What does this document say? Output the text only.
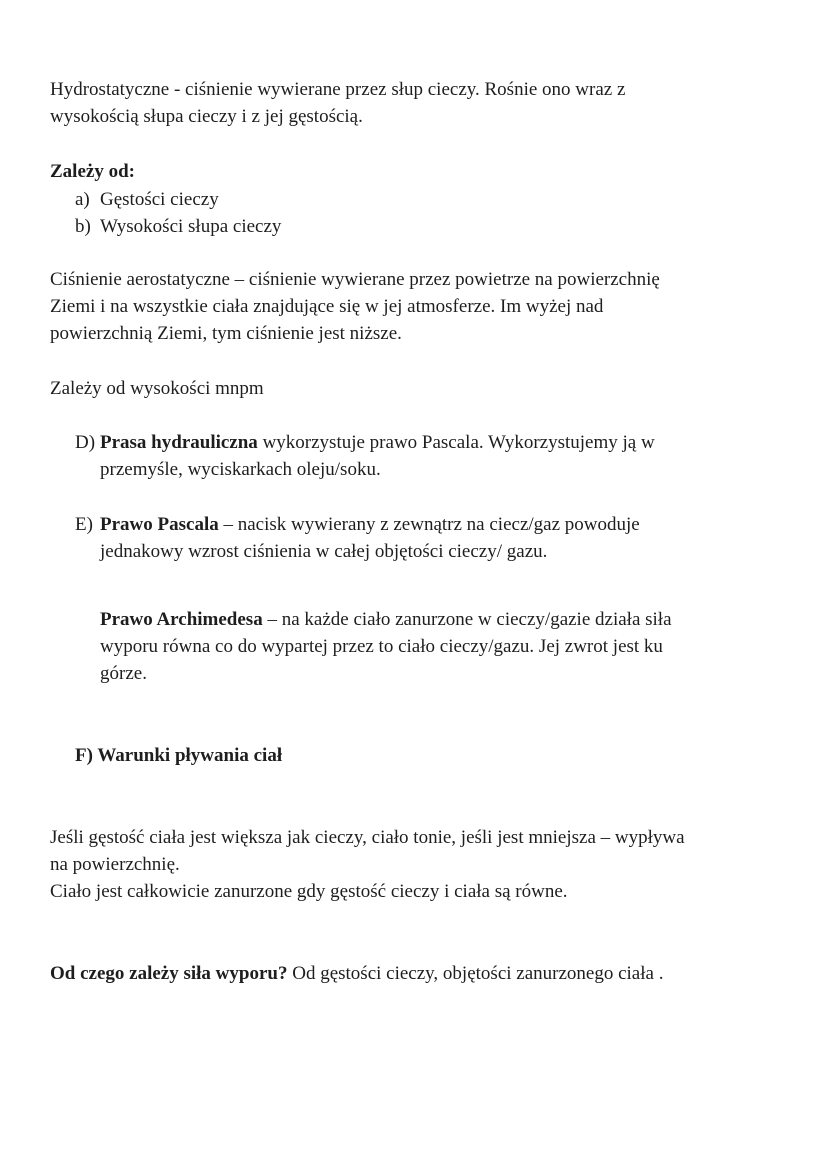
Hydrostatyczne - ciśnienie wywierane przez słup cieczy. Rośnie ono wraz z
wysokością słupa cieczy i z jej gęstością.
Zależy od:
a) Gęstości cieczy
b) Wysokości słupa cieczy
Ciśnienie aerostatyczne – ciśnienie wywierane przez powietrze na powierzchnię
Ziemi i na wszystkie ciała znajdujące się w jej atmosferze. Im wyżej nad
powierzchnią Ziemi, tym ciśnienie jest niższe.
Zależy od wysokości mnpm
D) Prasa hydrauliczna wykorzystuje prawo Pascala. Wykorzystujemy ją w
przemyśle, wyciskarkach oleju/soku.
E) Prawo Pascala – nacisk wywierany z zewnątrz na ciecz/gaz powoduje
jednakowy wzrost ciśnienia w całej objętości cieczy/ gazu.
Prawo Archimedesa – na każde ciało zanurzone w cieczy/gazie działa siła
wyporu równa co do wypartej przez to ciało cieczy/gazu. Jej zwrot jest ku
górze.
F) Warunki pływania ciał
Jeśli gęstość ciała jest większa jak cieczy, ciało tonie, jeśli jest mniejsza – wypływa
na powierzchnię.
Ciało jest całkowicie zanurzone gdy gęstość cieczy i ciała są równe.
Od czego zależy siła wyporu? Od gęstości cieczy, objętości zanurzonego ciała .
